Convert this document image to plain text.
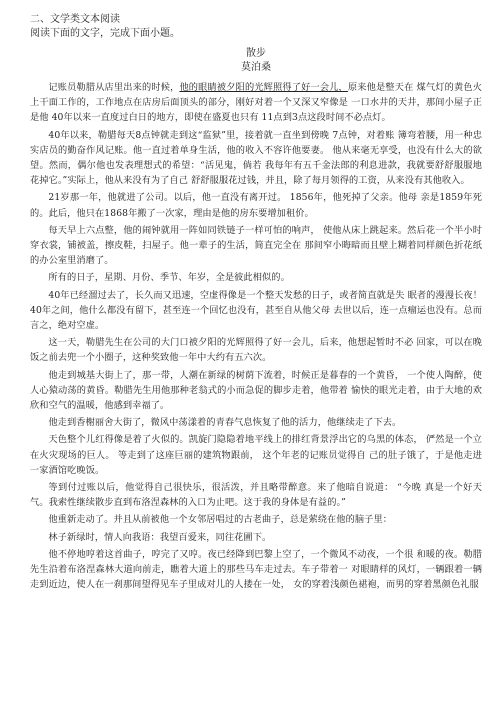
二、文学类文本阅读
阅读下面的文字，完成下面小题。
散步
莫泊桑

记账员勒腊从店里出来的时候，他的眼睛被夕阳的光辉照得了好一会儿，原来他是整天在 煤气灯的黄色火上干面工作的，工作地点在店房后面顶头的部分，刚好对着一个又深又窄像是 一口水井的天井，那间小屋子正是他 40年以来一直度过白日的地方，即使在盛夏也只有 11点到3点这段时间不必点灯。

40年以来，勒腊每天8点钟就走到这“监狱”里，接着就一直坐到傍晚 7点钟，对着账 簿弯着腰，用一种忠实店员的勤奋作风记账。他一直过着单身生活，他的收入不容许他要妻。 他从来毫无享受，也没有什么大的欲望。然而，偶尔他也发表理想式的希望：“活见鬼，倘若 我每年有五千金法郎的利息进款，我就要舒舒服服地花掉它。”实际上，他从来没有为了自己 舒舒服服花过钱，并且，除了每月领得的工资，从来没有其他收入。

21岁那一年，他就进了公司。以后，他一直没有离开过。 1856年，他死掉了父亲。他母 亲是1859年死的。此后，他只在1868年搬了一次家，理由是他的房东要增加租价。

每天早上六点整，他的闹钟就用一阵如同铁链子一样可怕的响声， 使他从床上跳起来。然后花一个半小时穿衣裳，铺被盖，擦皮鞋，扫屋子。他一辈子的生活，简直完全在 那间窄小晦暗而且壁上糊着同样颜色折花纸的办公室里消磨了。

所有的日子，星期、月份、季节、年岁，全是彼此相似的。

40年已经溜过去了，长久而又迅速，空虚得像是一个整天发愁的日子，或者简直就是失 眠者的漫漫长夜！40年之间，他什么都没有留下，甚至连一个回忆也没有，甚至自从他父母 去世以后，连一点瘤运也没有。总而言之，绝对空虚。

这一天，勒腊先生在公司的大门口被夕阳的光辉照得了好一会儿，后来，他想起暂时不必 回家，可以在晚饭之前去兜一个小圈子，这种奖致他一年中大约有五六次。

他走到城基大街上了，那一带，人潮在新绿的树荫下流着，时候正是暮春的一个黄昏， 一个使人陶醉，使人心猿动荡的黄昏。勒腊先生用他那种老翁式的小而急促的脚步走着，他带着 愉快的眼光走着，由于大地的欢欣和空气的温暖，他感到幸福了。

他走到香榭丽舍大街了，微风中荡漾着的青春气息恢复了他的活力，他继续走了下去。

天色整个儿红得像是着了火似的。凯旋门隐隐着地平线上的排红背景浮出它的乌黑的体态， 俨然是一个立在火灾现场的巨人。 等走到了这座巨丽的建筑物跟前， 这个年老的记账员觉得自 己的肚子饿了，于是他走进一家酒馆吃晚饭。

等到付过账以后，他觉得自己很快乐，很活泼，并且略带醉意。来了他暗自说道： “今晚 真是一个好天气。我索性继续散步直到布洛涅森林的入口为止吧。这于我的身体是有益的。”

他重新走动了。并且从前被他一个女邻居唱过的古老曲子，总是萦绕在他的脑子里：

林子新绿时，情人向我语：我望百爱来，同往花圃下。

他不停地哼着这首曲子，哼完了又哼。夜已经降到巴黎上空了，一个微风不动夜，一个很 和暖的夜。勒腊先生沿着布洛涅森林大道向前走，瞧着大道上的那些马车走过去。车子带着一 对眼睛样的风灯，一辆跟着一辆走到近边，使人在一刹那间望得见车子里成对儿的人搂在一处， 女的穿着浅颜色裙袍，而男的穿着黑颜色礼服
